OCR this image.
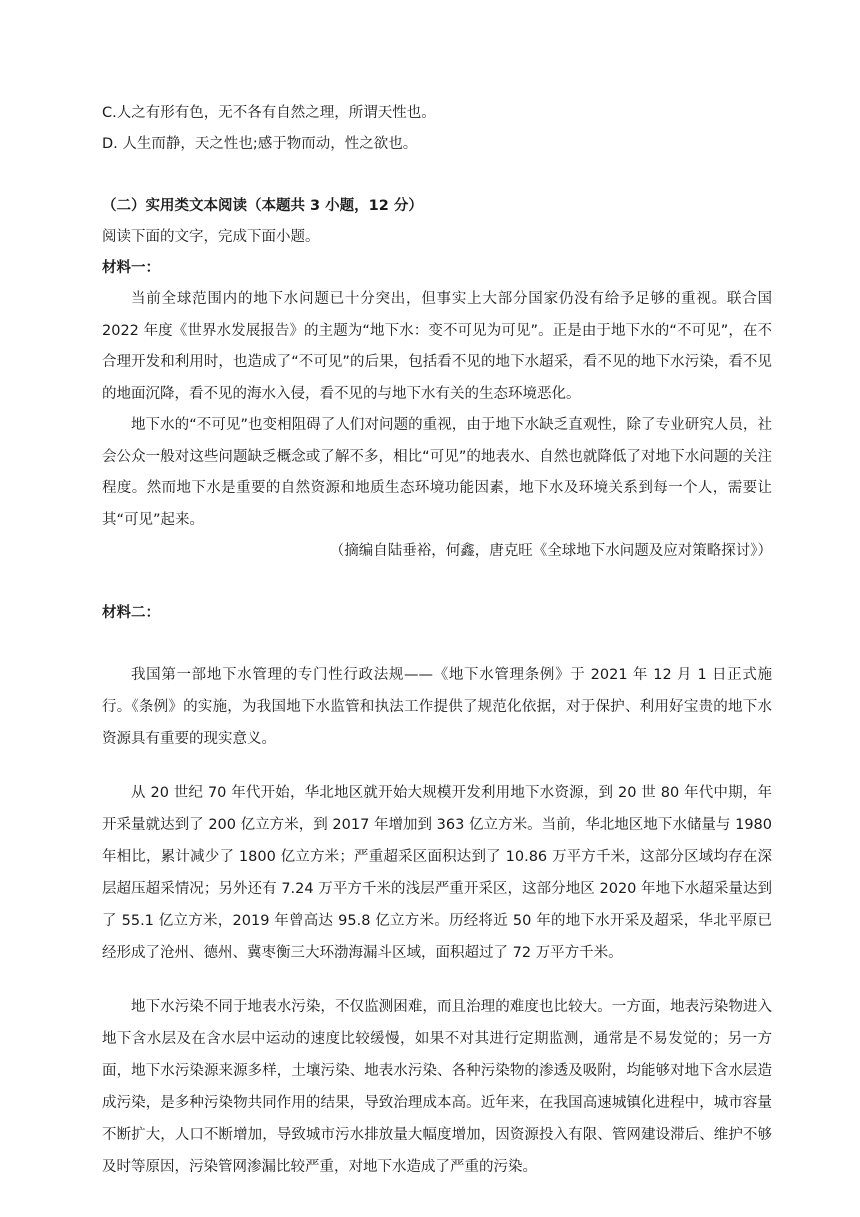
C.人之有形有色，无不各有自然之理，所谓天性也。

D. 人生而静，天之性也;感于物而动，性之欲也。

（二）实用类文本阅读（本题共 3 小题，12 分）

阅读下面的文字，完成下面小题。

材料一：

当前全球范围内的地下水问题已十分突出，但事实上大部分国家仍没有给予足够的重视。联合国 2022 年度《世界水发展报告》的主题为“地下水：变不可见为可见”。正是由于地下水的“不可见”，在不合理开发和利用时，也造成了“不可见”的后果，包括看不见的地下水超采，看不见的地下水污染，看不见的地面沉降，看不见的海水入侵，看不见的与地下水有关的生态环境恶化。

地下水的“不可见”也变相阻碍了人们对问题的重视，由于地下水缺乏直观性，除了专业研究人员，社会公众一般对这些问题缺乏概念或了解不多，相比“可见”的地表水、自然也就降低了对地下水问题的关注程度。然而地下水是重要的自然资源和地质生态环境功能因素，地下水及环境关系到每一个人，需要让其“可见”起来。

（摘编自陆垂裕，何鑫，唐克旺《全球地下水问题及应对策略探讨》）

材料二：

我国第一部地下水管理的专门性行政法规——《地下水管理条例》于 2021 年 12 月 1 日正式施行。《条例》的实施，为我国地下水监管和执法工作提供了规范化依据，对于保护、利用好宝贵的地下水资源具有重要的现实意义。

从 20 世纪 70 年代开始，华北地区就开始大规模开发利用地下水资源，到 20 世 80 年代中期，年开采量就达到了 200 亿立方米，到 2017 年增加到 363 亿立方米。当前，华北地区地下水储量与 1980 年相比，累计减少了 1800 亿立方米；严重超采区面积达到了 10.86 万平方千米，这部分区域均存在深层超压超采情况；另外还有 7.24 万平方千米的浅层严重开采区，这部分地区 2020 年地下水超采量达到了 55.1 亿立方米，2019 年曾高达 95.8 亿立方米。历经将近 50 年的地下水开采及超采，华北平原已经形成了沧州、德州、冀枣衡三大环渤海漏斗区域，面积超过了 72 万平方千米。

地下水污染不同于地表水污染，不仅监测困难，而且治理的难度也比较大。一方面，地表污染物进入地下含水层及在含水层中运动的速度比较缓慢，如果不对其进行定期监测，通常是不易发觉的；另一方面，地下水污染源来源多样，土壤污染、地表水污染、各种污染物的渗透及吸附，均能够对地下含水层造成污染，是多种污染物共同作用的结果，导致治理成本高。近年来，在我国高速城镇化进程中，城市容量不断扩大，人口不断增加，导致城市污水排放量大幅度增加，因资源投入有限、管网建设滞后、维护不够及时等原因，污染管网渗漏比较严重，对地下水造成了严重的污染。
